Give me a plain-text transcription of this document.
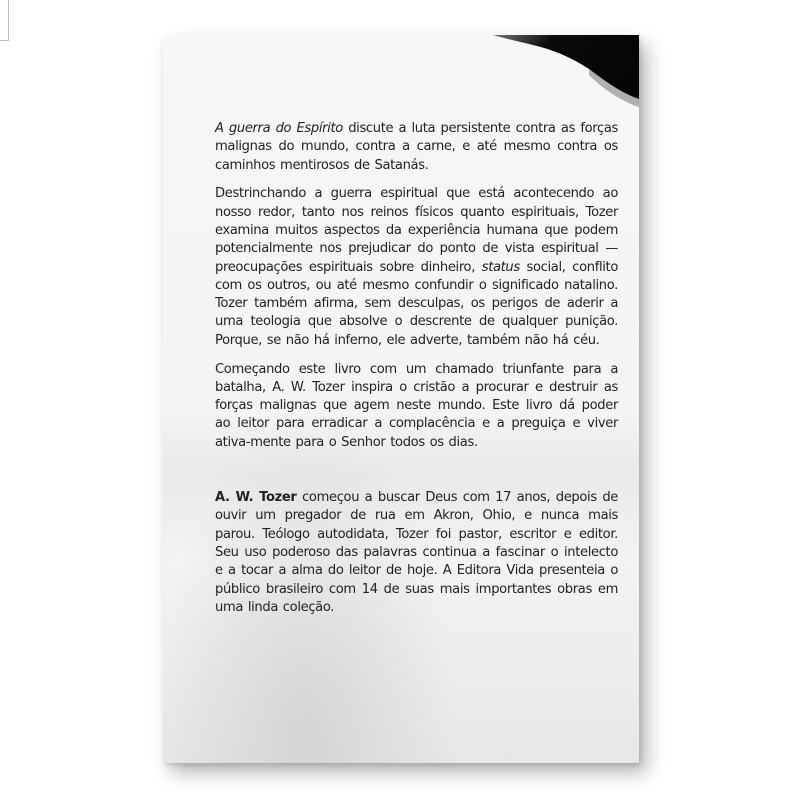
A guerra do Espírito discute a luta persistente contra as forças malignas do mundo, contra a carne, e até mesmo contra os caminhos mentirosos de Satanás.

Destrinchando a guerra espiritual que está acontecendo ao nosso redor, tanto nos reinos físicos quanto espirituais, Tozer examina muitos aspectos da experiência humana que podem potencialmente nos prejudicar do ponto de vista espiritual — preocupações espirituais sobre dinheiro, status social, conflito com os outros, ou até mesmo confundir o significado natalino. Tozer também afirma, sem desculpas, os perigos de aderir a uma teologia que absolve o descrente de qualquer punição. Porque, se não há inferno, ele adverte, também não há céu.

Começando este livro com um chamado triunfante para a batalha, A. W. Tozer inspira o cristão a procurar e destruir as forças malignas que agem neste mundo. Este livro dá poder ao leitor para erradicar a complacência e a preguiça e viver ativa-mente para o Senhor todos os dias.

A. W. Tozer começou a buscar Deus com 17 anos, depois de ouvir um pregador de rua em Akron, Ohio, e nunca mais parou. Teólogo autodidata, Tozer foi pastor, escritor e editor. Seu uso poderoso das palavras continua a fascinar o intelecto e a tocar a alma do leitor de hoje. A Editora Vida presenteia o público brasileiro com 14 de suas mais importantes obras em uma linda coleção.
